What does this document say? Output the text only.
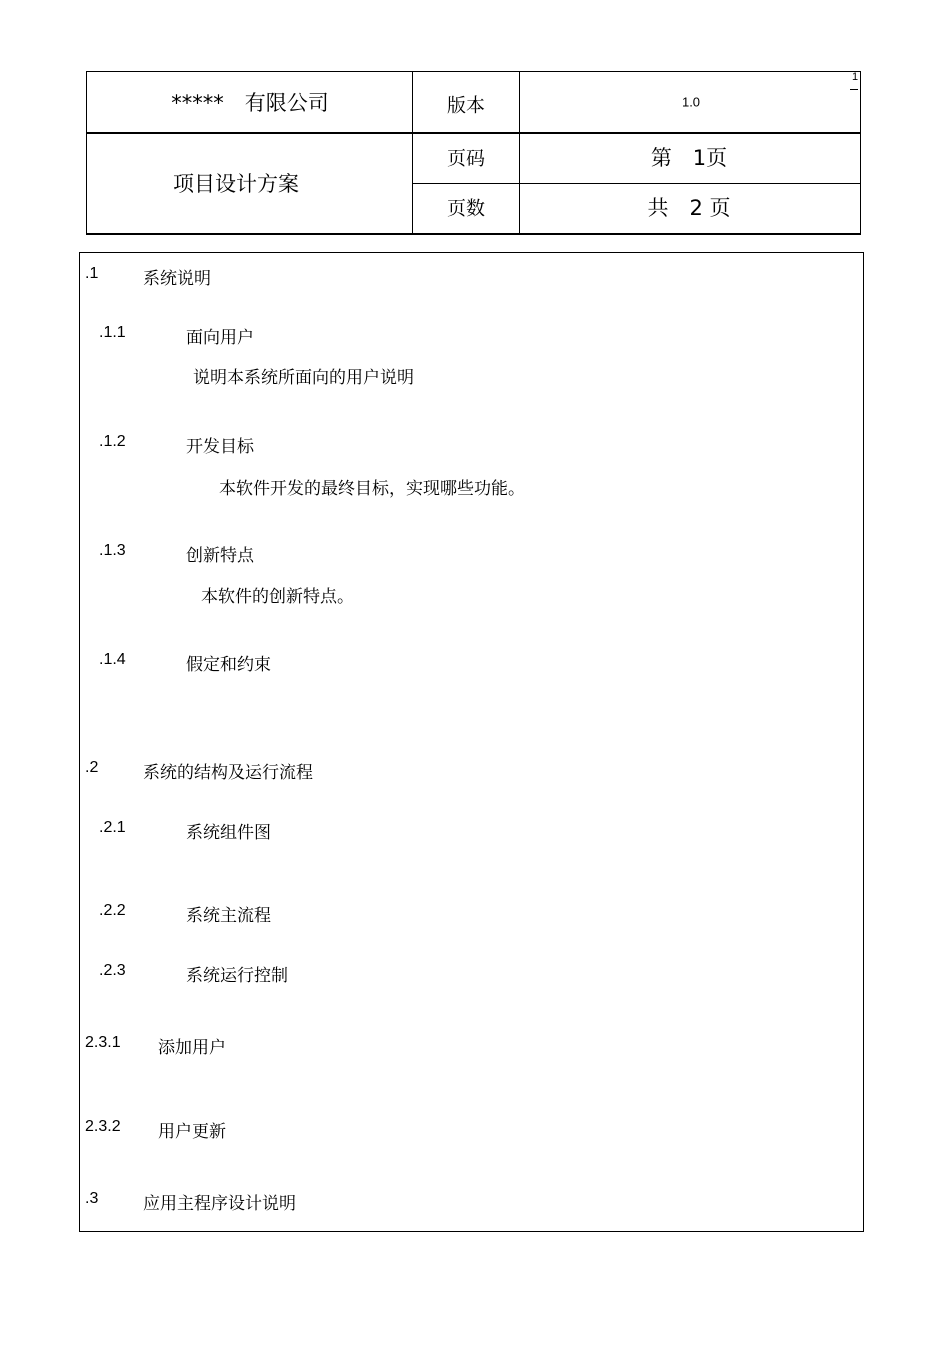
1
*****　有限公司
项目设计方案
版本	1.0
页码	第　1页
页数	共　2 页
.1	系统说明
.1.1	面向用户
说明本系统所面向的用户说明
.1.2	开发目标
本软件开发的最终目标，实现哪些功能。
.1.3	创新特点
本软件的创新特点。
.1.4	假定和约束
.2	系统的结构及运行流程
.2.1	系统组件图
.2.2	系统主流程
.2.3	系统运行控制
2.3.1 添加用户
2.3.2 用户更新
.3	应用主程序设计说明
